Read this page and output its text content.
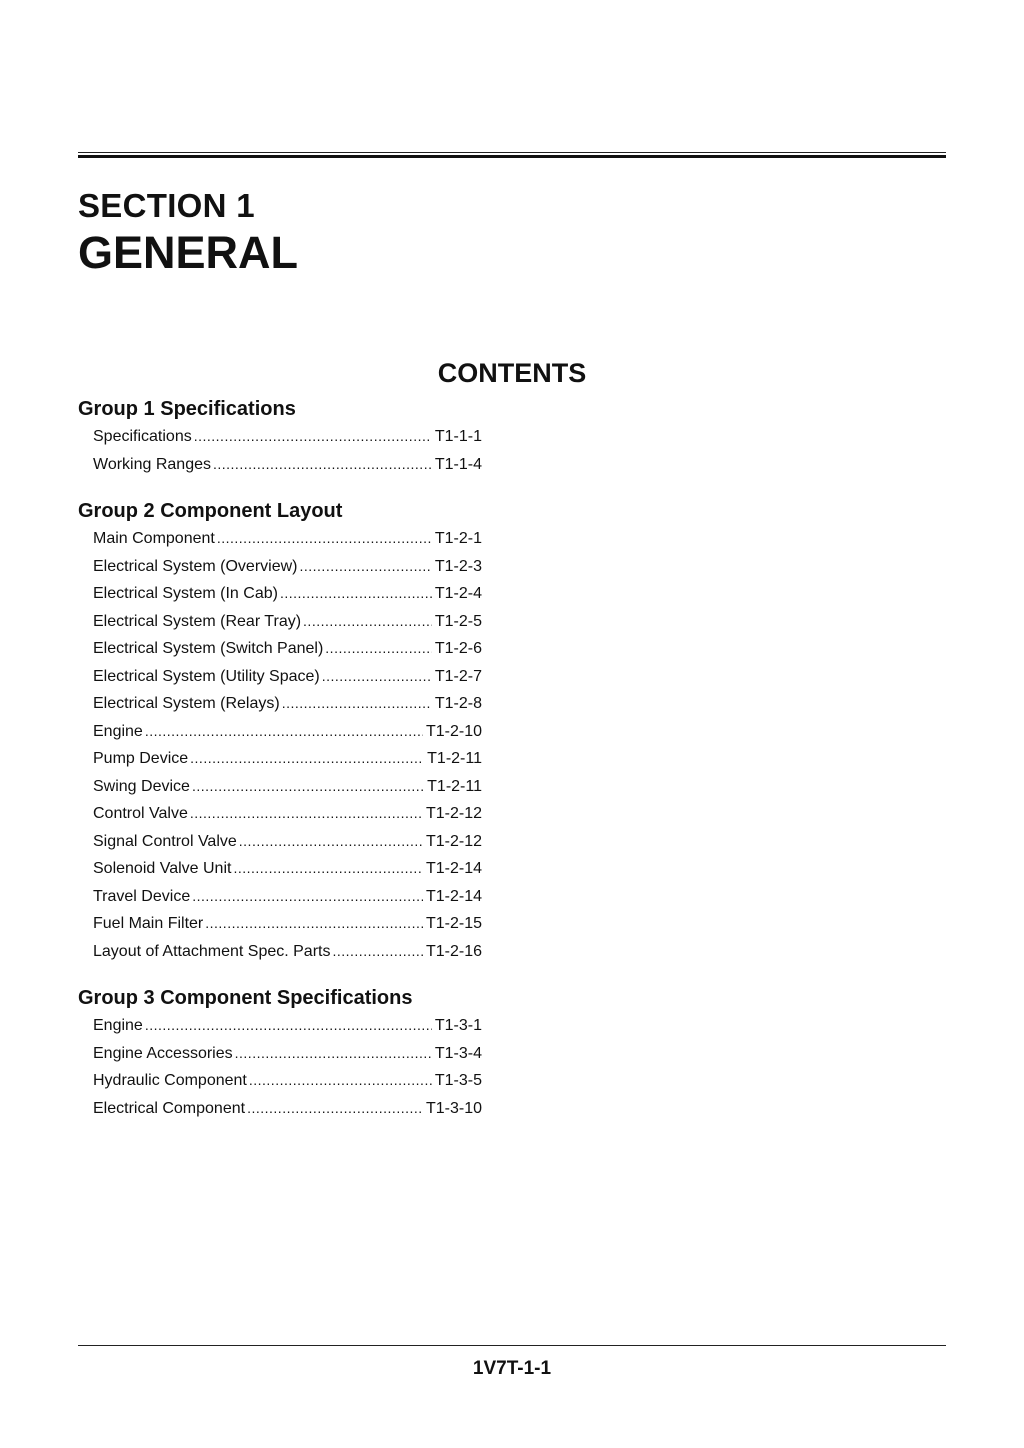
SECTION 1
GENERAL
CONTENTS
Group 1 Specifications
Specifications .....	T1-1-1
Working Ranges .....	T1-1-4
Group 2 Component Layout
Main Component .....	T1-2-1
Electrical System (Overview) .....	T1-2-3
Electrical System (In Cab) .....	T1-2-4
Electrical System (Rear Tray) .....	T1-2-5
Electrical System (Switch Panel) .....	T1-2-6
Electrical System (Utility Space) .....	T1-2-7
Electrical System (Relays) .....	T1-2-8
Engine .....	T1-2-10
Pump Device .....	T1-2-11
Swing Device .....	T1-2-11
Control Valve .....	T1-2-12
Signal Control Valve .....	T1-2-12
Solenoid Valve Unit .....	T1-2-14
Travel Device .....	T1-2-14
Fuel Main Filter .....	T1-2-15
Layout of Attachment Spec. Parts .....	T1-2-16
Group 3 Component Specifications
Engine .....	T1-3-1
Engine Accessories .....	T1-3-4
Hydraulic Component .....	T1-3-5
Electrical Component .....	T1-3-10
1V7T-1-1
